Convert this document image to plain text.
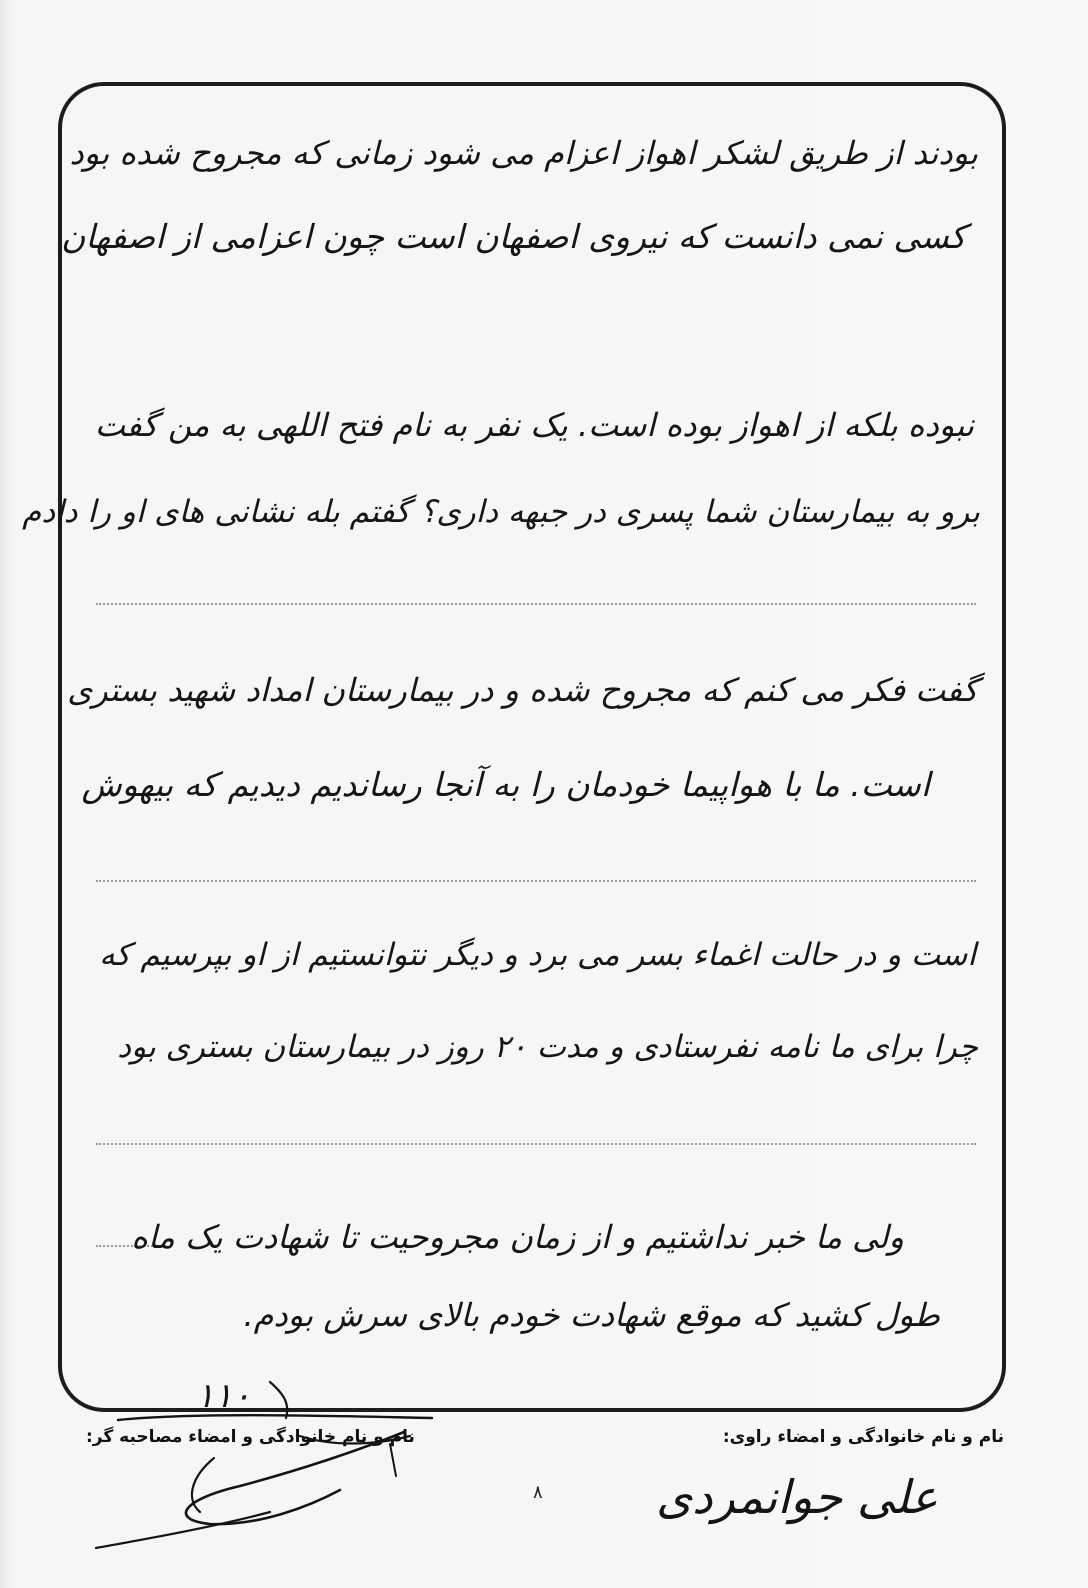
بودند از طریق لشکر اهواز اعزام می شود زمانی که مجروح شده بود
کسی نمی دانست که نیروی اصفهان است چون اعزامی از اصفهان
نبوده بلکه از اهواز بوده است. یک نفر به نام فتح اللهی به من گفت
برو به بیمارستان شما پسری در جبهه داری؟ گفتم بله نشانی های او را دادم
گفت فکر می کنم که مجروح شده و در بیمارستان امداد شهید بستری
است. ما با هواپیما خودمان را به آنجا رساندیم دیدیم که بیهوش
است و در حالت اغماء بسر می برد و دیگر نتوانستیم از او بپرسیم که
چرا برای ما نامه نفرستادی و مدت ۲۰ روز در بیمارستان بستری بود
ولی ما خبر نداشتیم و از زمان مجروحیت تا شهادت یک ماه
طول کشید که موقع شهادت خودم بالای سرش بودم.
نام و نام خانوادگی و امضاء راوی:
نام و نام خانوادگی و امضاء مصاحبه گر:
علی جوانمردی
۱۱۰
۸
